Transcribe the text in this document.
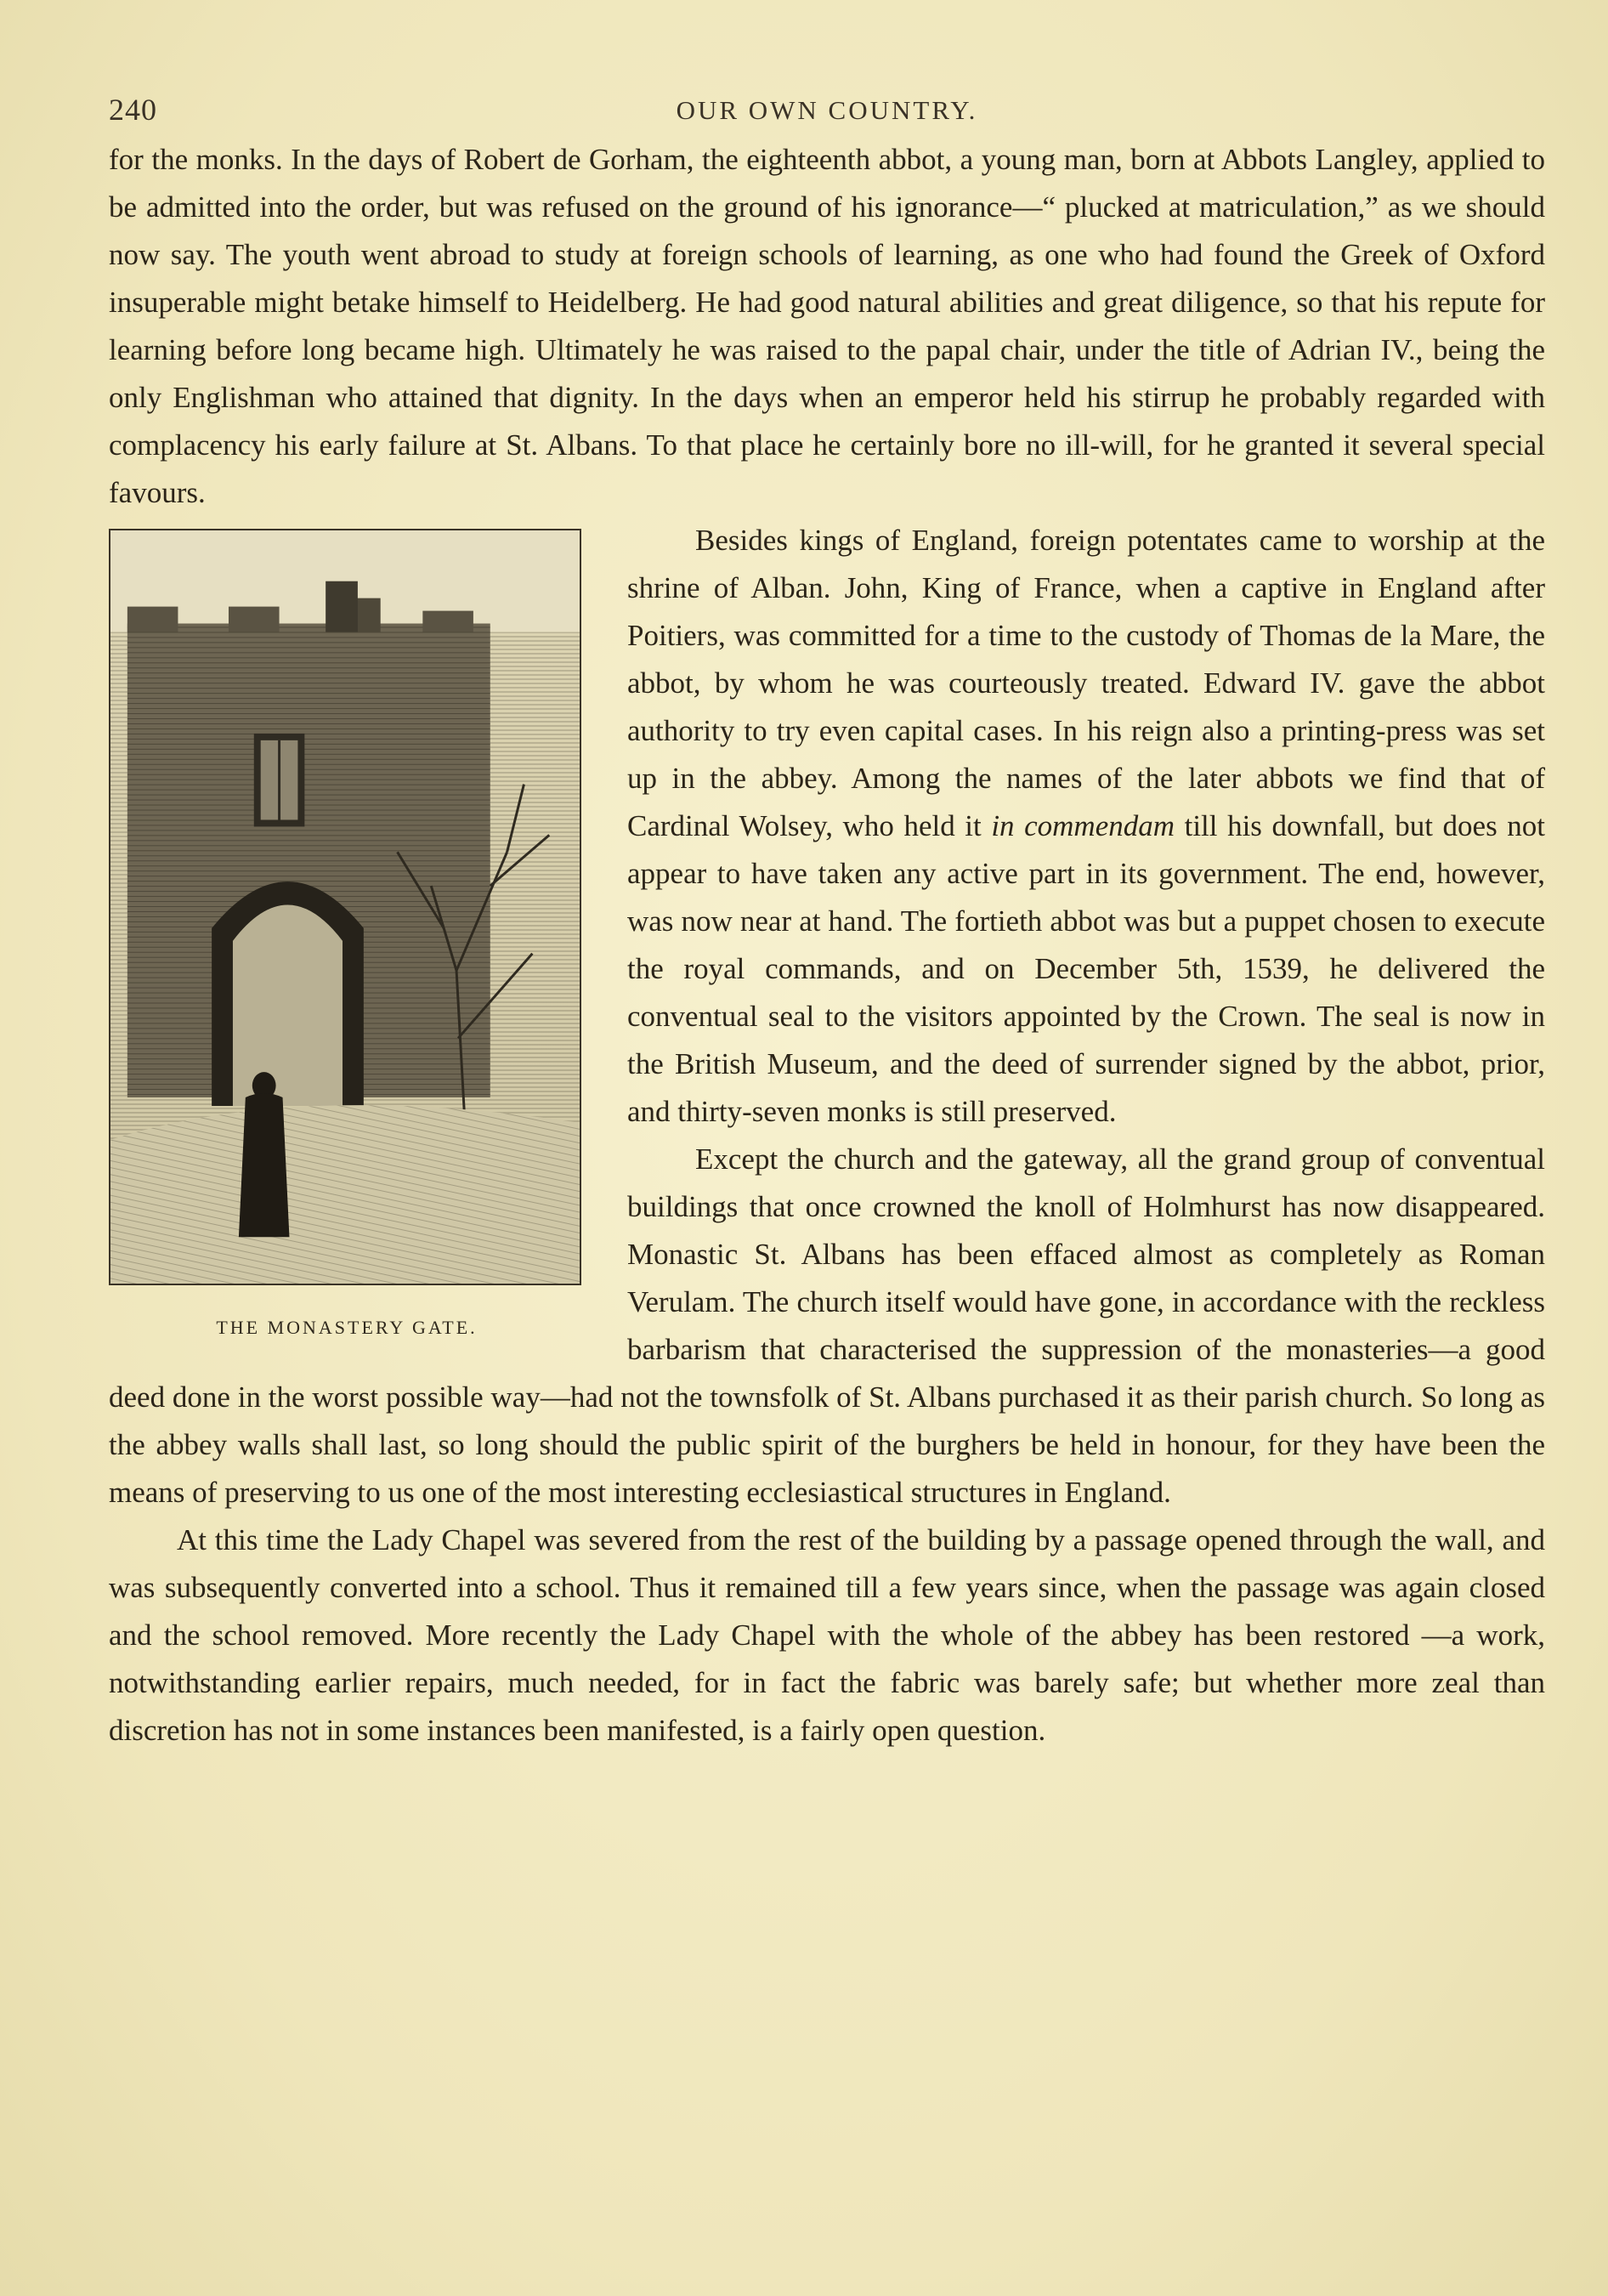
240	OUR OWN COUNTRY.

for the monks. In the days of Robert de Gorham, the eighteenth abbot, a young man, born at Abbots Langley, applied to be admitted into the order, but was refused on the ground of his ignorance—“ plucked at matriculation,” as we should now say. The youth went abroad to study at foreign schools of learning, as one who had found the Greek of Oxford insuperable might betake himself to Heidelberg. He had good natural abilities and great diligence, so that his repute for learning before long became high. Ultimately he was raised to the papal chair, under the title of Adrian IV., being the only Englishman who attained that dignity. In the days when an emperor held his stirrup he probably regarded with complacency his early failure at St. Albans. To that place he certainly bore no ill-will, for he granted it several special favours.

THE MONASTERY GATE.

Besides kings of England, foreign potentates came to worship at the shrine of Alban. John, King of France, when a captive in England after Poitiers, was committed for a time to the custody of Thomas de la Mare, the abbot, by whom he was courteously treated. Edward IV. gave the abbot authority to try even capital cases. In his reign also a printing-press was set up in the abbey. Among the names of the later abbots we find that of Cardinal Wolsey, who held it in commendam till his downfall, but does not appear to have taken any active part in its government. The end, however, was now near at hand. The fortieth abbot was but a puppet chosen to execute the royal commands, and on December 5th, 1539, he delivered the conventual seal to the visitors appointed by the Crown. The seal is now in the British Museum, and the deed of surrender signed by the abbot, prior, and thirty-seven monks is still preserved.

Except the church and the gateway, all the grand group of conventual buildings that once crowned the knoll of Holmhurst has now disappeared. Monastic St. Albans has been effaced almost as completely as Roman Verulam. The church itself would have gone, in accordance with the reckless barbarism that characterised the suppression of the monasteries—a good deed done in the worst possible way—had not the townsfolk of St. Albans purchased it as their parish church. So long as the abbey walls shall last, so long should the public spirit of the burghers be held in honour, for they have been the means of preserving to us one of the most interesting ecclesiastical structures in England.

At this time the Lady Chapel was severed from the rest of the building by a passage opened through the wall, and was subsequently converted into a school. Thus it remained till a few years since, when the passage was again closed and the school removed. More recently the Lady Chapel with the whole of the abbey has been restored —a work, notwithstanding earlier repairs, much needed, for in fact the fabric was barely safe; but whether more zeal than discretion has not in some instances been manifested, is a fairly open question.
